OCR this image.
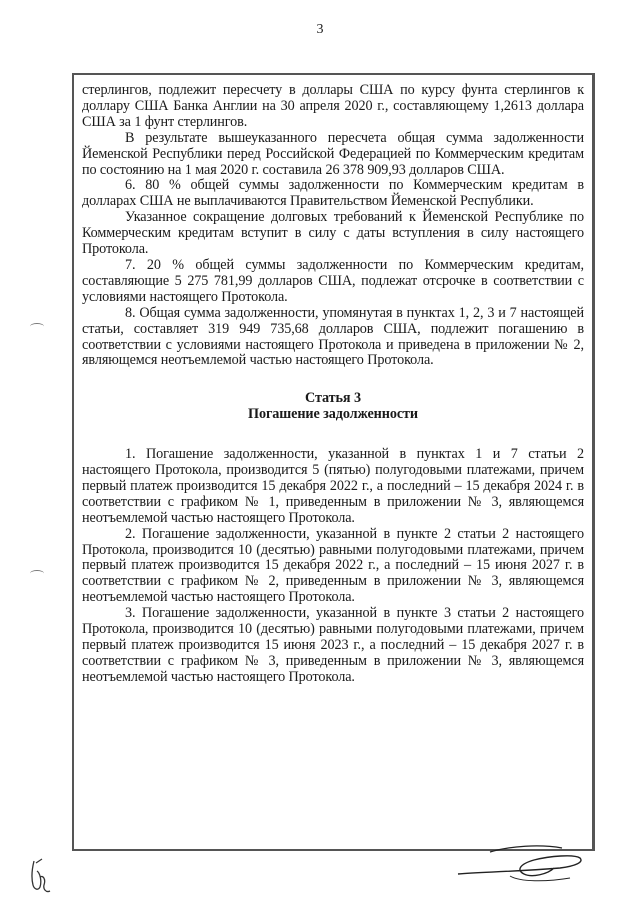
3

стерлингов, подлежит пересчету в доллары США по курсу фунта стерлингов к доллару США Банка Англии на 30 апреля 2020 г., составляющему 1,2613 доллара США за 1 фунт стерлингов.

В результате вышеуказанного пересчета общая сумма задолженности Йеменской Республики перед Российской Федерацией по Коммерческим кредитам по состоянию на 1 мая 2020 г. составила 26 378 909,93 долларов США.

6. 80 % общей суммы задолженности по Коммерческим кредитам в долларах США не выплачиваются Правительством Йеменской Республики.

Указанное сокращение долговых требований к Йеменской Республике по Коммерческим кредитам вступит в силу с даты вступления в силу настоящего Протокола.

7. 20 % общей суммы задолженности по Коммерческим кредитам, составляющие 5 275 781,99 долларов США, подлежат отсрочке в соответствии с условиями настоящего Протокола.

8. Общая сумма задолженности, упомянутая в пунктах 1, 2, 3 и 7 настоящей статьи, составляет 319 949 735,68 долларов США, подлежит погашению в соответствии с условиями настоящего Протокола и приведена в приложении № 2, являющемся неотъемлемой частью настоящего Протокола.

Статья 3

Погашение задолженности

1. Погашение задолженности, указанной в пунктах 1 и 7 статьи 2 настоящего Протокола, производится 5 (пятью) полугодовыми платежами, причем первый платеж производится 15 декабря 2022 г., а последний – 15 декабря 2024 г. в соответствии с графиком № 1, приведенным в приложении № 3, являющемся неотъемлемой частью настоящего Протокола.

2. Погашение задолженности, указанной в пункте 2 статьи 2 настоящего Протокола, производится 10 (десятью) равными полугодовыми платежами, причем первый платеж производится 15 декабря 2022 г., а последний – 15 июня 2027 г. в соответствии с графиком № 2, приведенным в приложении № 3, являющемся неотъемлемой частью настоящего Протокола.

3. Погашение задолженности, указанной в пункте 3 статьи 2 настоящего Протокола, производится 10 (десятью) равными полугодовыми платежами, причем первый платеж производится 15 июня 2023 г., а последний – 15 декабря 2027 г. в соответствии с графиком № 3, приведенным в приложении № 3, являющемся неотъемлемой частью настоящего Протокола.
